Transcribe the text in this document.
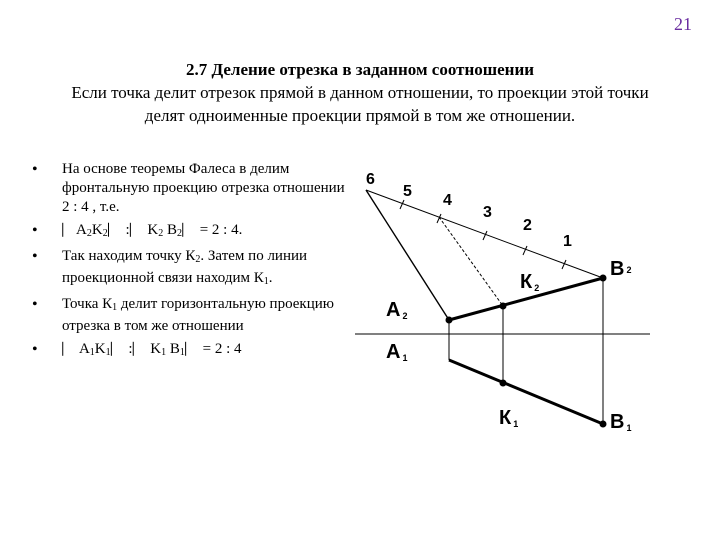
21
2.7 Деление отрезка в заданном соотношении
Если точка делит отрезок прямой в данном отношении, то проекции этой точки делят одноименные проекции прямой в том же отношении.
• На основе теоремы Фалеса в делим фронтальную проекцию отрезка отношении 2 : 4 , т.е.
• $⎸A_2K_2⎸$ :⎸ $K_2$ $B_2⎸ = 2$ : 4.
• Так находим точку $К_2$. Затем по линии проекционной связи находим $К_1$.
• Точка $К_1$ делит горизонтальную проекцию отрезка в том же отношении
• ⎸ $A_1K_1⎸$ :⎸ $K_1$ $B_1⎸ = 2$ : 4
1
2
3
4
5
6
A 2
A 1
К 2
К 1
B 2
B 1
